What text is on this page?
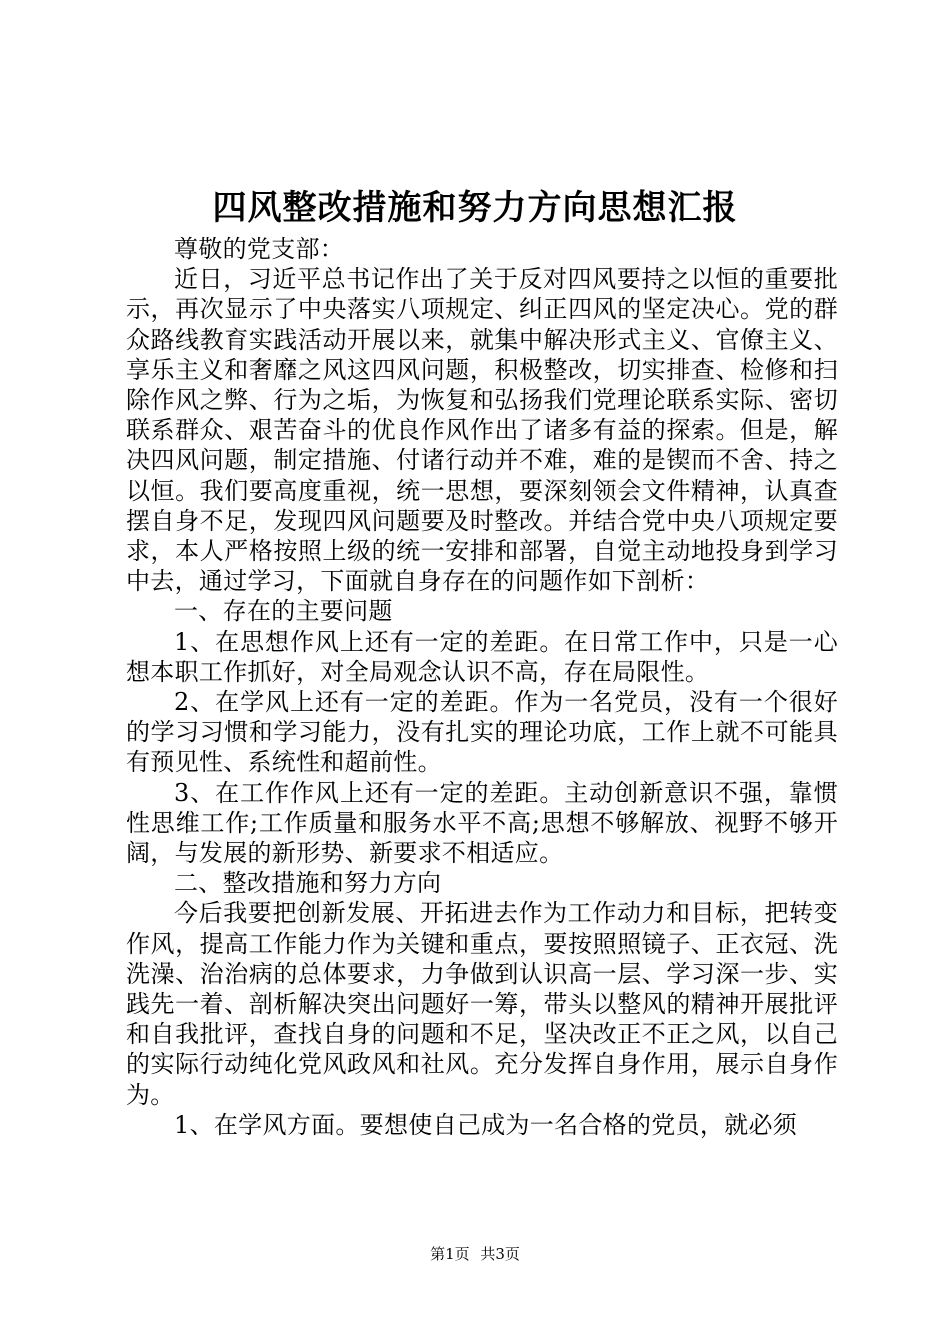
四风整改措施和努力方向思想汇报

尊敬的党支部：

近日，习近平总书记作出了关于反对四风要持之以恒的重要批示，再次显示了中央落实八项规定、纠正四风的坚定决心。党的群众路线教育实践活动开展以来，就集中解决形式主义、官僚主义、享乐主义和奢靡之风这四风问题，积极整改，切实排查、检修和扫除作风之弊、行为之垢，为恢复和弘扬我们党理论联系实际、密切联系群众、艰苦奋斗的优良作风作出了诸多有益的探索。但是，解决四风问题，制定措施、付诸行动并不难，难的是锲而不舍、持之以恒。我们要高度重视，统一思想，要深刻领会文件精神，认真查摆自身不足，发现四风问题要及时整改。并结合党中央八项规定要求，本人严格按照上级的统一安排和部署，自觉主动地投身到学习中去，通过学习，下面就自身存在的问题作如下剖析：

一、存在的主要问题

1、在思想作风上还有一定的差距。在日常工作中，只是一心想本职工作抓好，对全局观念认识不高，存在局限性。

2、在学风上还有一定的差距。作为一名党员，没有一个很好的学习习惯和学习能力，没有扎实的理论功底，工作上就不可能具有预见性、系统性和超前性。

3、在工作作风上还有一定的差距。主动创新意识不强，靠惯性思维工作;工作质量和服务水平不高;思想不够解放、视野不够开阔，与发展的新形势、新要求不相适应。

二、整改措施和努力方向

今后我要把创新发展、开拓进去作为工作动力和目标，把转变作风，提高工作能力作为关键和重点，要按照照镜子、正衣冠、洗洗澡、治治病的总体要求，力争做到认识高一层、学习深一步、实践先一着、剖析解决突出问题好一筹，带头以整风的精神开展批评和自我批评，查找自身的问题和不足，坚决改正不正之风，以自己的实际行动纯化党风政风和社风。充分发挥自身作用，展示自身作为。

1、在学风方面。要想使自己成为一名合格的党员，就必须

第1页 共3页
